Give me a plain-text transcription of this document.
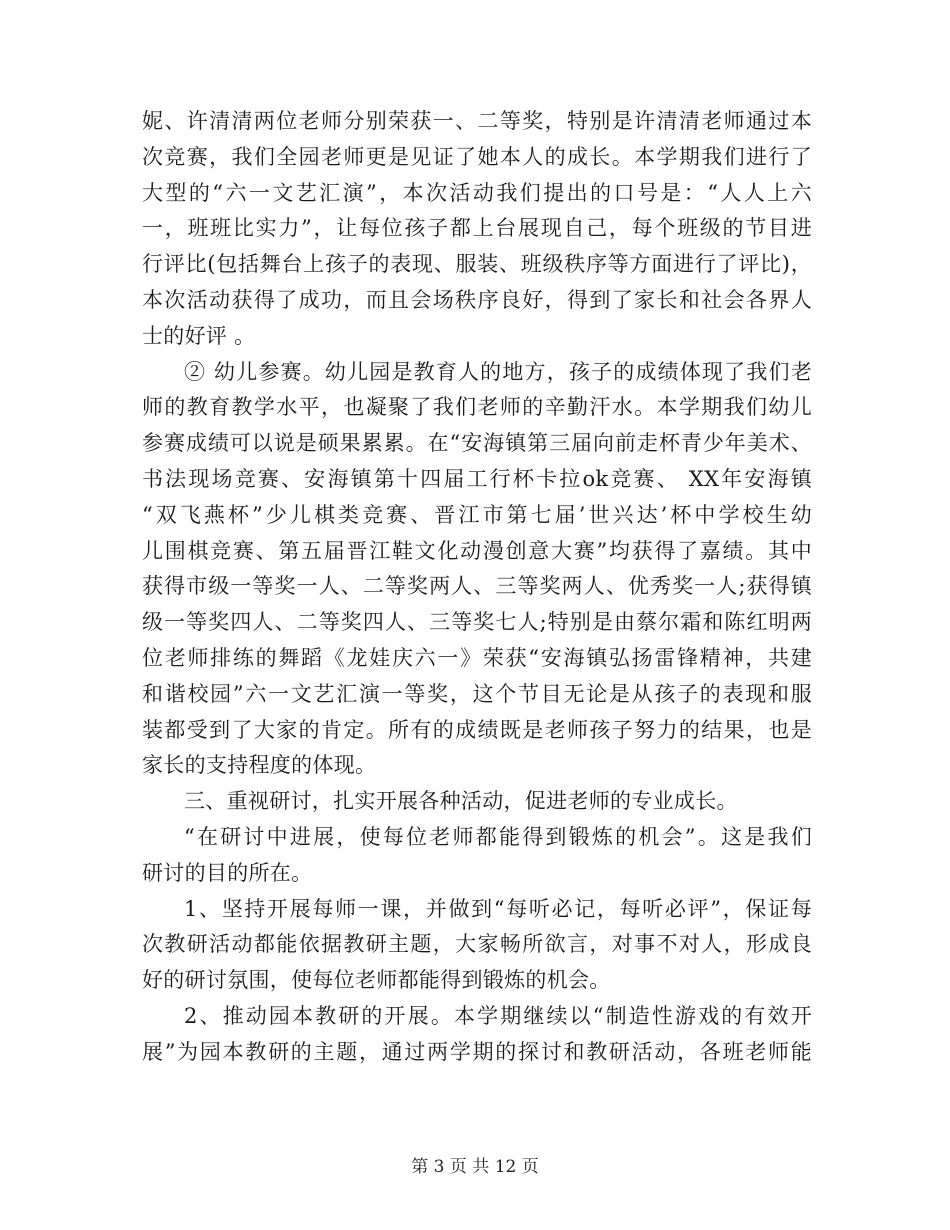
妮、许清清两位老师分别荣获一、二等奖，特别是许清清老师通过本
次竞赛，我们全园老师更是见证了她本人的成长。本学期我们进行了
大型的“六一文艺汇演”，本次活动我们提出的口号是：“人人上六
一，班班比实力”，让每位孩子都上台展现自己，每个班级的节目进
行评比(包括舞台上孩子的表现、服装、班级秩序等方面进行了评比)，
本次活动获得了成功，而且会场秩序良好，得到了家长和社会各界人
士的好评 。
② 幼儿参赛。幼儿园是教育人的地方，孩子的成绩体现了我们老
师的教育教学水平，也凝聚了我们老师的辛勤汗水。本学期我们幼儿
参赛成绩可以说是硕果累累。在“安海镇第三届向前走杯青少年美术、
书法现场竞赛、安海镇第十四届工行杯卡拉ok竞赛、 XX年安海镇
“双飞燕杯”少儿棋类竞赛、晋江市第七届’世兴达’杯中学校生幼
儿围棋竞赛、第五届晋江鞋文化动漫创意大赛”均获得了嘉绩。其中
获得市级一等奖一人、二等奖两人、三等奖两人、优秀奖一人;获得镇
级一等奖四人、二等奖四人、三等奖七人;特别是由蔡尔霜和陈红明两
位老师排练的舞蹈《龙娃庆六一》荣获“安海镇弘扬雷锋精神，共建
和谐校园”六一文艺汇演一等奖，这个节目无论是从孩子的表现和服
装都受到了大家的肯定。所有的成绩既是老师孩子努力的结果，也是
家长的支持程度的体现。
三、重视研讨，扎实开展各种活动，促进老师的专业成长。
“在研讨中进展，使每位老师都能得到锻炼的机会”。这是我们
研讨的目的所在。
1、坚持开展每师一课，并做到“每听必记，每听必评”，保证每
次教研活动都能依据教研主题，大家畅所欲言，对事不对人，形成良
好的研讨氛围，使每位老师都能得到锻炼的机会。
2、推动园本教研的开展。本学期继续以“制造性游戏的有效开
展”为园本教研的主题，通过两学期的探讨和教研活动，各班老师能
第 3 页 共 12 页
